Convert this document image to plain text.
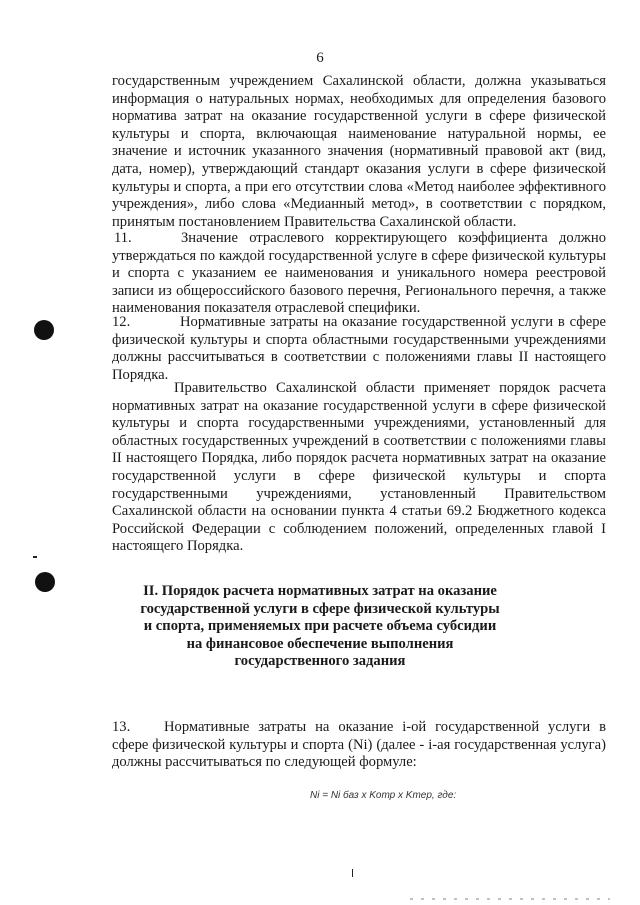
6

государственным учреждением Сахалинской области, должна указываться информация о натуральных нормах, необходимых для определения базового норматива затрат на оказание государственной услуги в сфере физической культуры и спорта, включающая наименование натуральной нормы, ее значение и источник указанного значения (нормативный правовой акт (вид, дата, номер), утверждающий стандарт оказания услуги в сфере физической культуры и спорта, а при его отсутствии слова «Метод наиболее эффективного учреждения», либо слова «Медианный метод», в соответствии с порядком, принятым постановлением Правительства Сахалинской области.

11.	Значение отраслевого корректирующего коэффициента должно утверждаться по каждой государственной услуге в сфере физической культуры и спорта с указанием ее наименования и уникального номера реестровой записи из общероссийского базового перечня, Регионального перечня, а также наименования показателя отраслевой специфики.

12.	Нормативные затраты на оказание государственной услуги в сфере физической культуры и спорта областными государственными учреждениями должны рассчитываться в соответствии с положениями главы II настоящего Порядка.

Правительство Сахалинской области применяет порядок расчета нормативных затрат на оказание государственной услуги в сфере физической культуры и спорта государственными учреждениями, установленный для областных государственных учреждений в соответствии с положениями главы II настоящего Порядка, либо порядок расчета нормативных затрат на оказание государственной услуги в сфере физической культуры и спорта государственными учреждениями, установленный Правительством Сахалинской области на основании пункта 4 статьи 69.2 Бюджетного кодекса Российской Федерации с соблюдением положений, определенных главой I настоящего Порядка.

II. Порядок расчета нормативных затрат на оказание
государственной услуги в сфере физической культуры
и спорта, применяемых при расчете объема субсидии
на финансовое обеспечение выполнения
государственного задания

13. Нормативные затраты на оказание i-ой государственной услуги в сфере физической культуры и спорта (Ni) (далее - i-ая государственная услуга) должны рассчитываться по следующей формуле:

Ni = Ni баз x Kотр x Kтер, где:
